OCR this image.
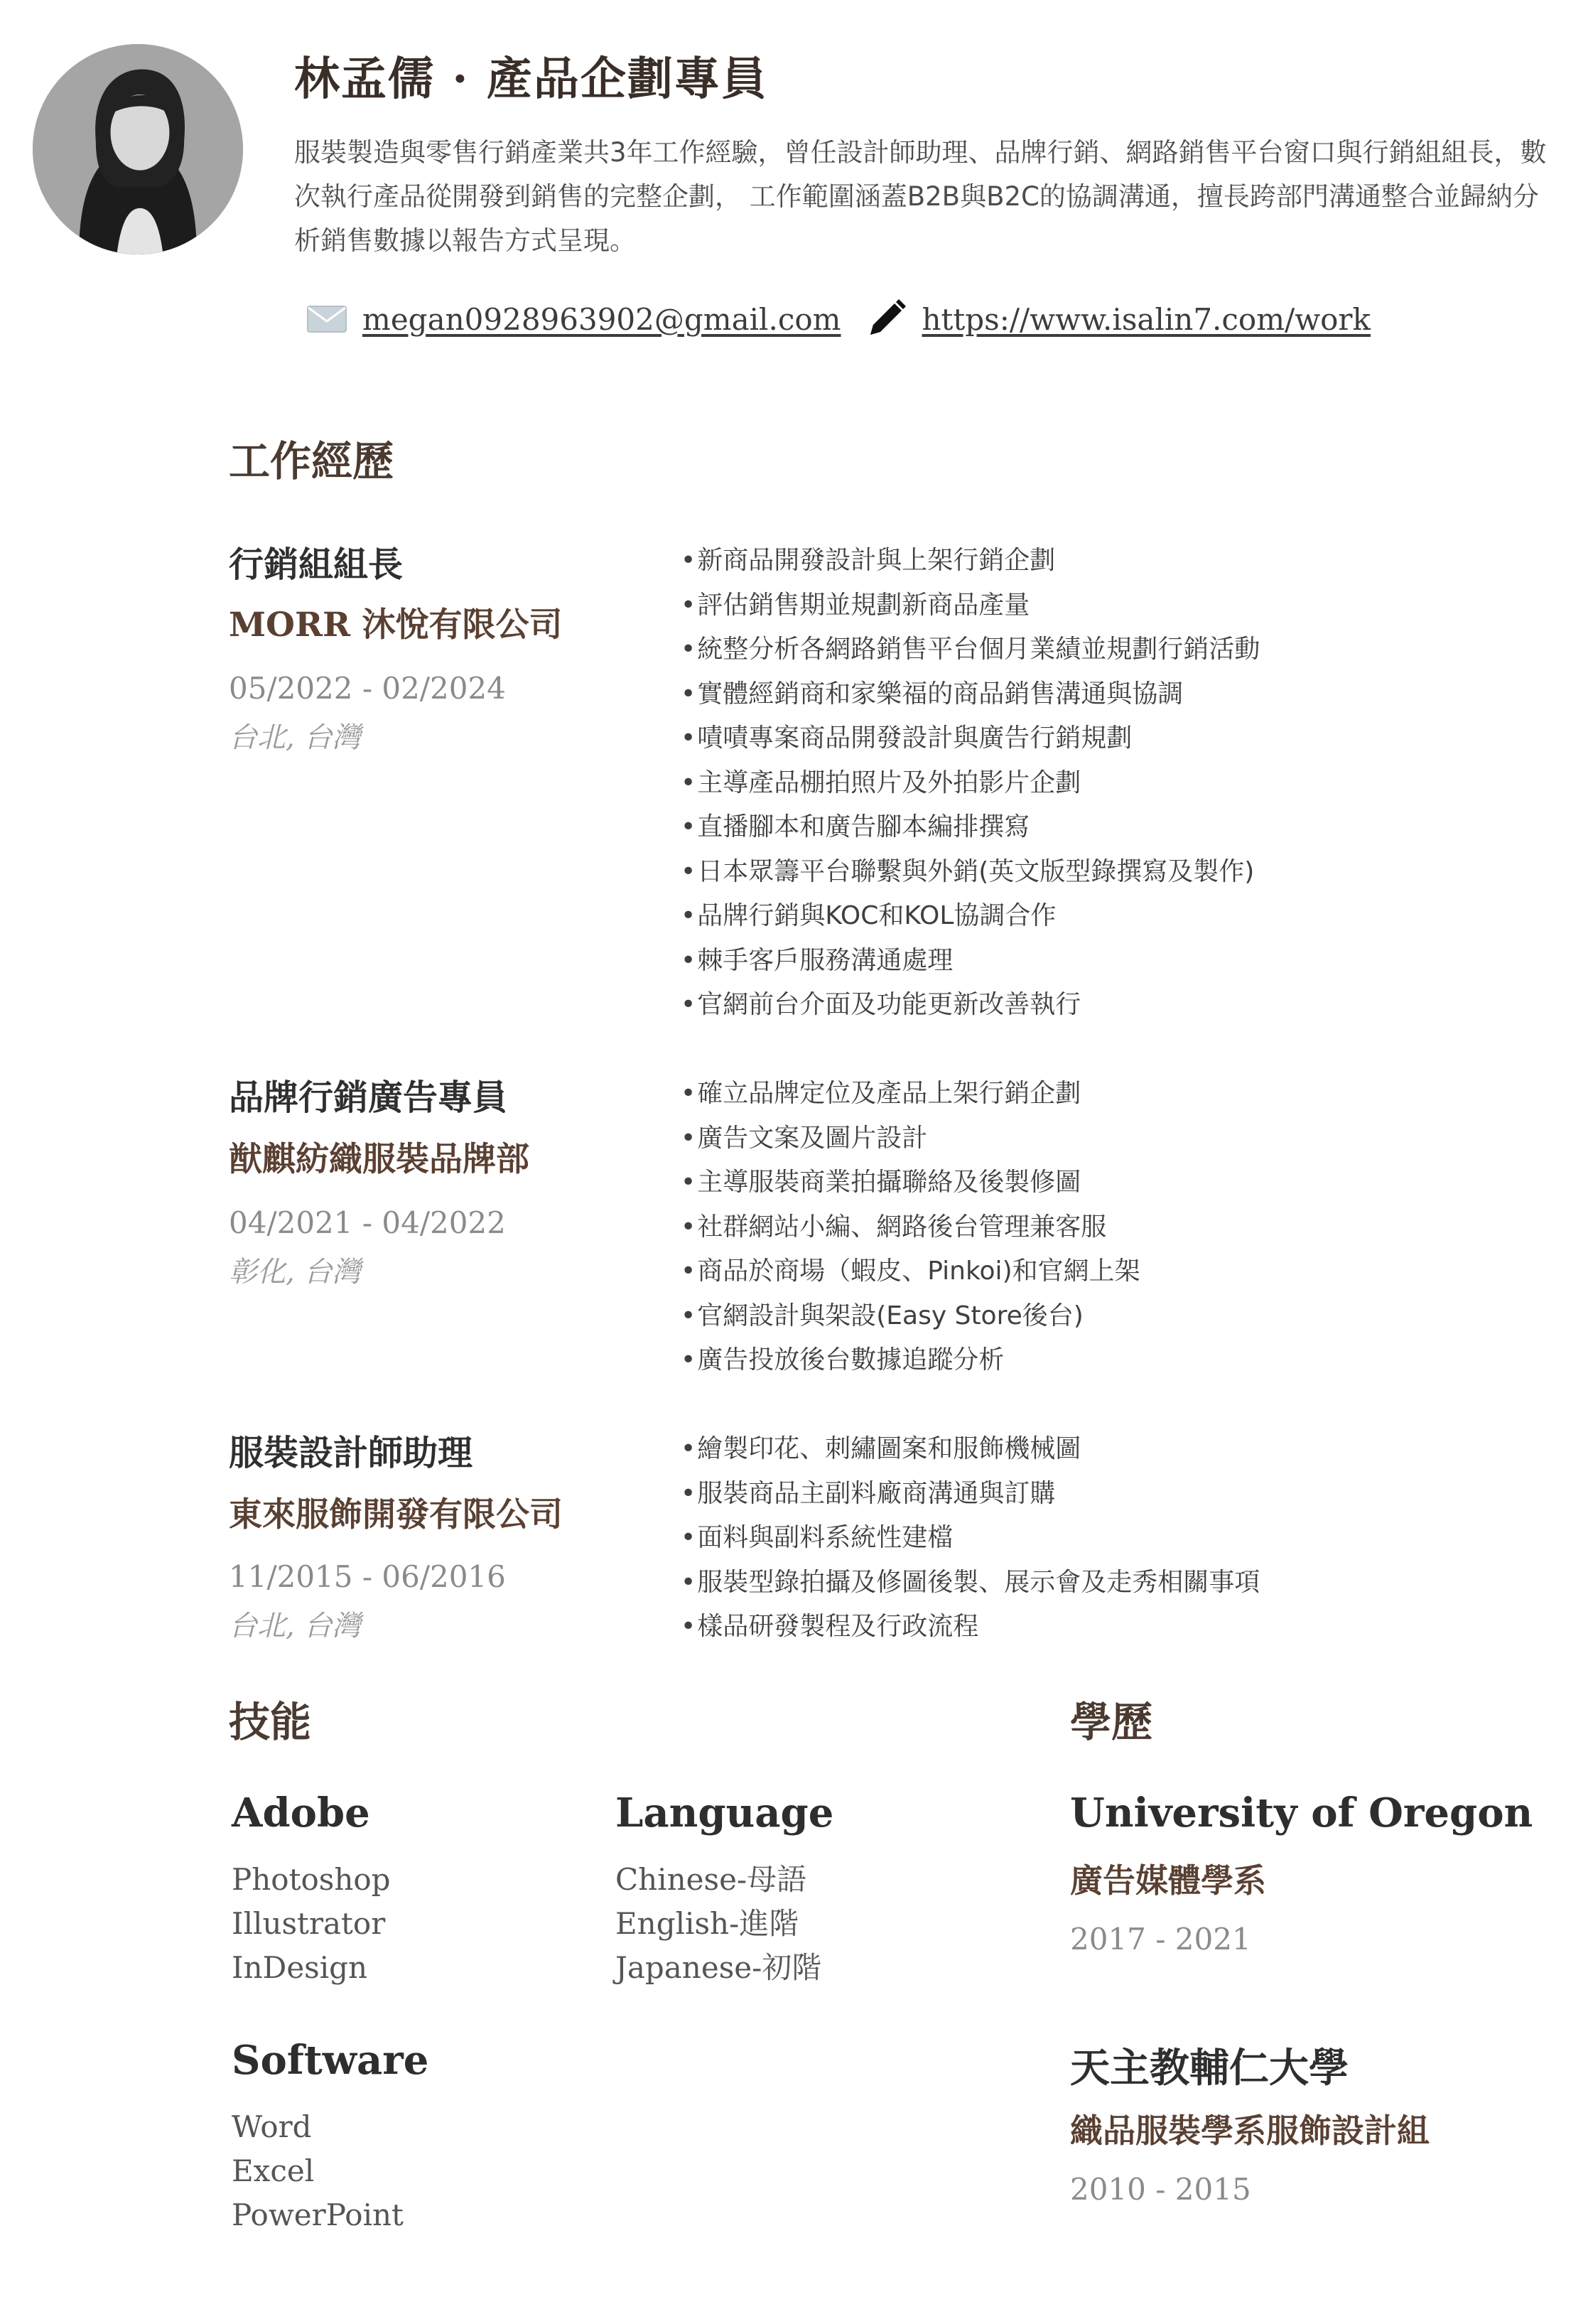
林孟儒 · 產品企劃專員
服裝製造與零售行銷產業共3年工作經驗，曾任設計師助理、品牌行銷、網路銷售平台窗口與行銷組組長，數次執行產品從開發到銷售的完整企劃， 工作範圍涵蓋B2B與B2C的協調溝通，擅長跨部門溝通整合並歸納分析銷售數據以報告方式呈現。
megan0928963902@gmail.com	https://www.isalin7.com/work
工作經歷
行銷組組長
MORR 沐悅有限公司
05/2022 - 02/2024
台北, 台灣
• 新商品開發設計與上架行銷企劃
• 評估銷售期並規劃新商品產量
• 統整分析各網路銷售平台個月業績並規劃行銷活動
• 實體經銷商和家樂福的商品銷售溝通與協調
• 嘖嘖專案商品開發設計與廣告行銷規劃
• 主導產品棚拍照片及外拍影片企劃
• 直播腳本和廣告腳本編排撰寫
• 日本眾籌平台聯繫與外銷(英文版型錄撰寫及製作)
• 品牌行銷與KOC和KOL協調合作
• 棘手客戶服務溝通處理
• 官網前台介面及功能更新改善執行
品牌行銷廣告專員
猷麒紡織服裝品牌部
04/2021 - 04/2022
彰化, 台灣
• 確立品牌定位及產品上架行銷企劃
• 廣告文案及圖片設計
• 主導服裝商業拍攝聯絡及後製修圖
• 社群網站小編、網路後台管理兼客服
• 商品於商場（蝦皮、Pinkoi)和官網上架
• 官網設計與架設(Easy Store後台)
• 廣告投放後台數據追蹤分析
服裝設計師助理
東來服飾開發有限公司
11/2015 - 06/2016
台北, 台灣
• 繪製印花、刺繡圖案和服飾機械圖
• 服裝商品主副料廠商溝通與訂購
• 面料與副料系統性建檔
• 服裝型錄拍攝及修圖後製、展示會及走秀相關事項
• 樣品研發製程及行政流程
技能
Adobe
Photoshop
Illustrator
InDesign
Language
Chinese-母語
English-進階
Japanese-初階
Software
Word
Excel
PowerPoint
學歷
University of Oregon
廣告媒體學系
2017 - 2021
天主教輔仁大學
織品服裝學系服飾設計組
2010 - 2015
